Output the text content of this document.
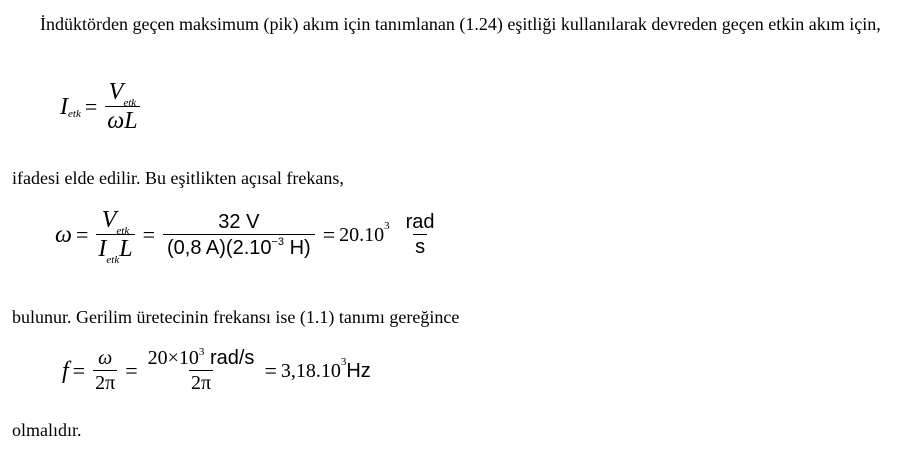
İndüktörden geçen maksimum (pik) akım için tanımlanan (1.24) eşitliği kullanılarak devreden geçen etkin akım için,

I etk = $\frac{V_{etk}}{\omega L}$

ifadesi elde edilir. Bu eşitlikten açısal frekans,

$\omega = \frac{V_{etk}}{I_{etk}L} = \frac{32 V}{(0,8 A)(2.10^{-3} H)} = 20.10$ $3 \frac{\text{rad}}{s}$

bulunur. Gerilim üretecinin frekansı ise (1.1) tanımı gereğince

$f = \frac{\omega}{2\pi} = \frac{20\times 10^3 rad/s}{2\pi} = 3,18.10$ 3 Hz

olmalıdır.
